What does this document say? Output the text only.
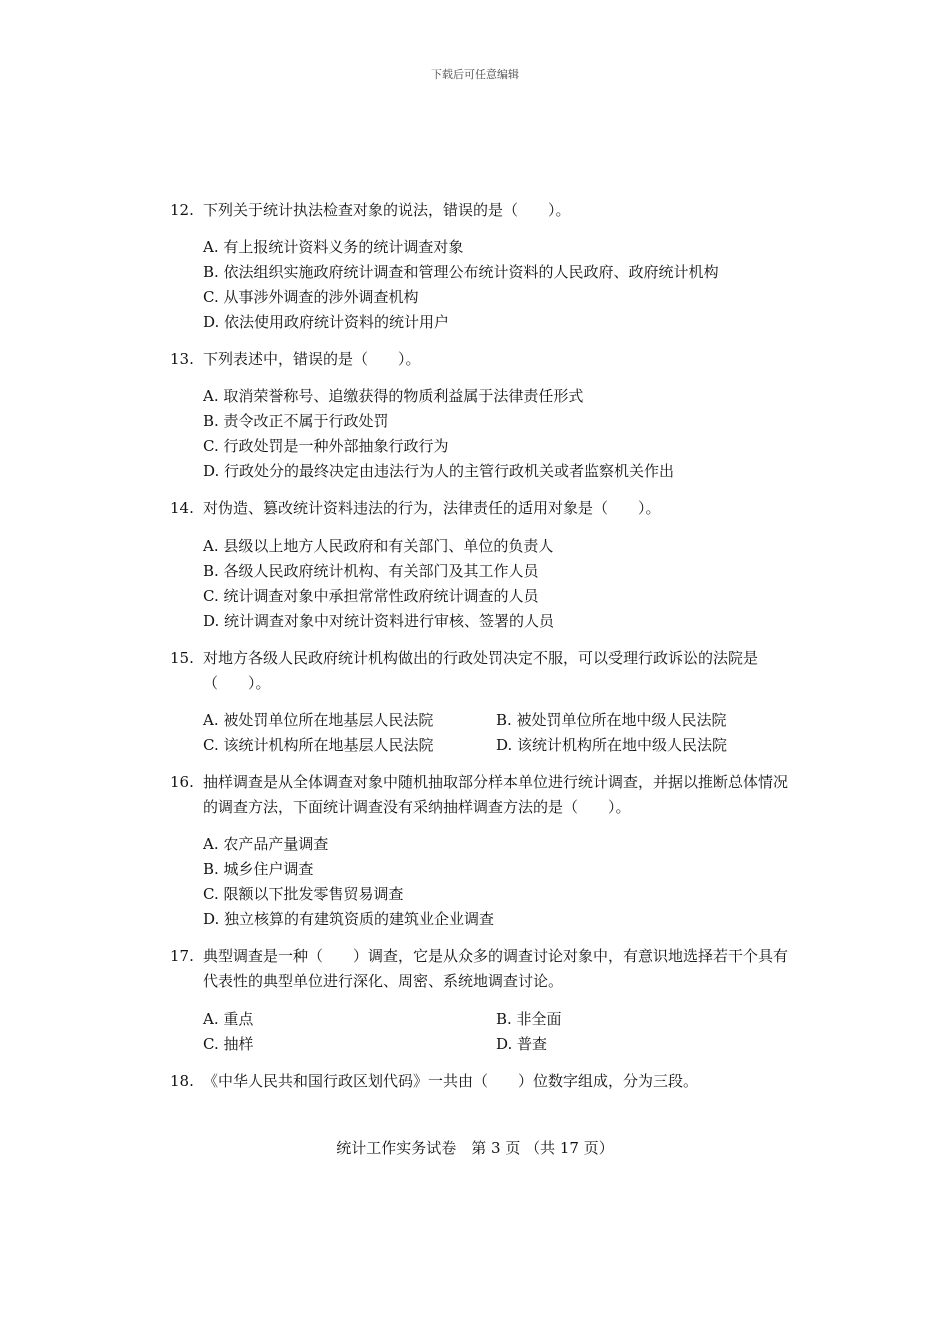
下载后可任意编辑
12. 下列关于统计执法检查对象的说法，错误的是（　　）。
A. 有上报统计资料义务的统计调查对象
B. 依法组织实施政府统计调查和管理公布统计资料的人民政府、政府统计机构
C. 从事涉外调查的涉外调查机构
D. 依法使用政府统计资料的统计用户
13. 下列表述中，错误的是（　　）。
A. 取消荣誉称号、追缴获得的物质利益属于法律责任形式
B. 责令改正不属于行政处罚
C. 行政处罚是一种外部抽象行政行为
D. 行政处分的最终决定由违法行为人的主管行政机关或者监察机关作出
14. 对伪造、篡改统计资料违法的行为，法律责任的适用对象是（　　）。
A. 县级以上地方人民政府和有关部门、单位的负责人
B. 各级人民政府统计机构、有关部门及其工作人员
C. 统计调查对象中承担常常性政府统计调查的人员
D. 统计调查对象中对统计资料进行审核、签署的人员
15. 对地方各级人民政府统计机构做出的行政处罚决定不服，可以受理行政诉讼的法院是（　　）。
A. 被处罚单位所在地基层人民法院	B. 被处罚单位所在地中级人民法院
C. 该统计机构所在地基层人民法院	D. 该统计机构所在地中级人民法院
16. 抽样调查是从全体调查对象中随机抽取部分样本单位进行统计调查，并据以推断总体情况的调查方法，下面统计调查没有采纳抽样调查方法的是（　　）。
A. 农产品产量调查
B. 城乡住户调查
C. 限额以下批发零售贸易调查
D. 独立核算的有建筑资质的建筑业企业调查
17. 典型调查是一种（　　）调查，它是从众多的调查讨论对象中，有意识地选择若干个具有代表性的典型单位进行深化、周密、系统地调查讨论。
A. 重点	B. 非全面
C. 抽样	D. 普查
18. 《中华人民共和国行政区划代码》一共由（　　）位数字组成，分为三段。
统计工作实务试卷　第 3 页 （共 17 页）
